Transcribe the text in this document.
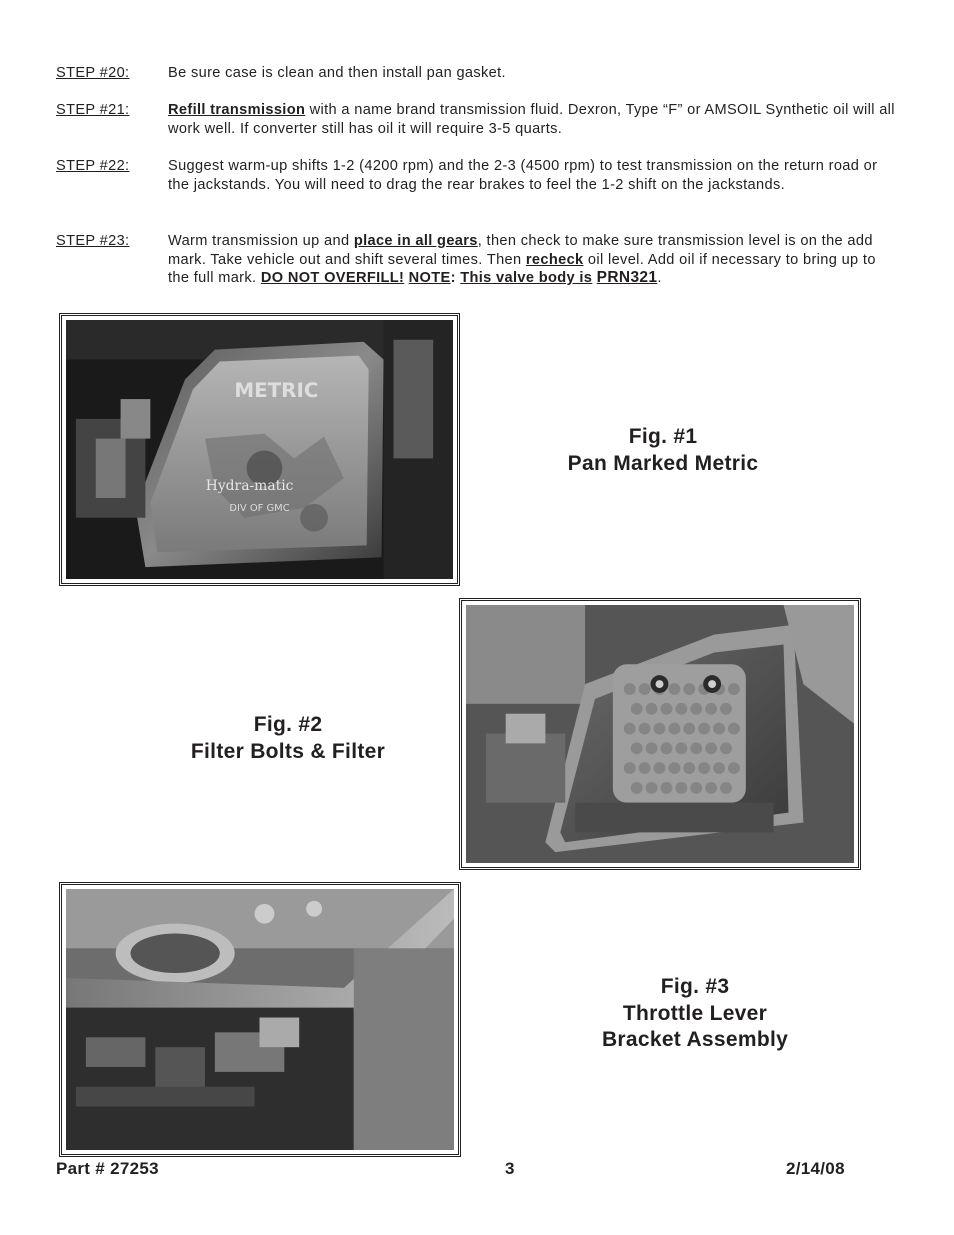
STEP #20:	Be sure case is clean and then install pan gasket.
STEP #21:	Refill transmission with a name brand transmission fluid. Dexron, Type “F” or AMSOIL Synthetic oil will all work well. If converter still has oil it will require 3-5 quarts.
STEP #22:	Suggest warm-up shifts 1-2 (4200 rpm) and the 2-3 (4500 rpm) to test transmission on the return road or the jackstands. You will need to drag the rear brakes to feel the 1-2 shift on the jackstands.
STEP #23:	Warm transmission up and place in all gears, then check to make sure transmission level is on the add mark. Take vehicle out and shift several times. Then recheck oil level. Add oil if necessary to bring up to the full mark. DO NOT OVERFILL! NOTE: This valve body is PRN321.
METRIC
Hydra-matic
DIV OF GMC
Fig. #1
Pan Marked Metric
Fig. #2
Filter Bolts & Filter
Fig. #3
Throttle Lever
Bracket Assembly
Part # 27253	3	2/14/08
